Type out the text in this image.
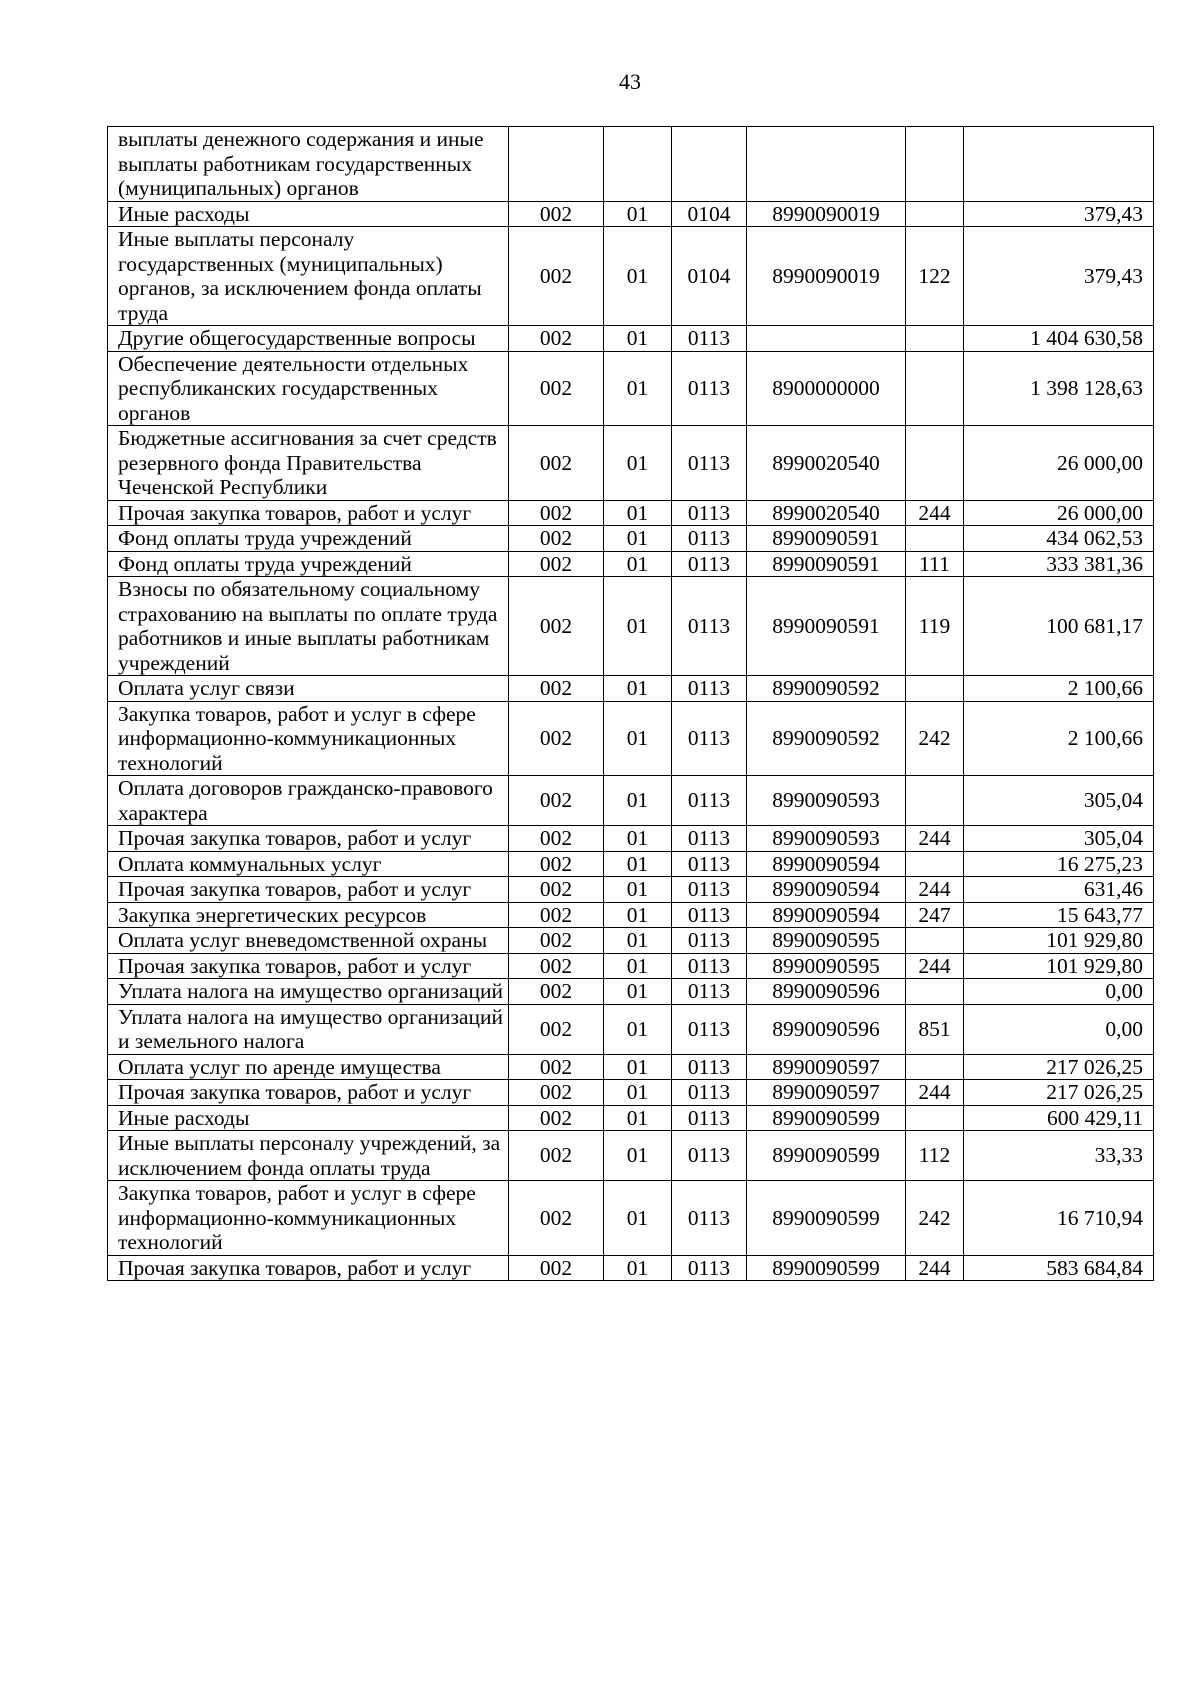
43
выплаты денежного содержания и иные выплаты работникам государственных (муниципальных) органов						
Иные расходы	002	01	0104	8990090019		379,43
Иные выплаты персоналу государственных (муниципальных) органов, за исключением фонда оплаты труда	002	01	0104	8990090019	122	379,43
Другие общегосударственные вопросы	002	01	0113			1 404 630,58
Обеспечение деятельности отдельных республиканских государственных органов	002	01	0113	8900000000		1 398 128,63
Бюджетные ассигнования за счет средств резервного фонда Правительства Чеченской Республики	002	01	0113	8990020540		26 000,00
Прочая закупка товаров, работ и услуг	002	01	0113	8990020540	244	26 000,00
Фонд оплаты труда учреждений	002	01	0113	8990090591		434 062,53
Фонд оплаты труда учреждений	002	01	0113	8990090591	111	333 381,36
Взносы по обязательному социальному страхованию на выплаты по оплате труда работников и иные выплаты работникам учреждений	002	01	0113	8990090591	119	100 681,17
Оплата услуг связи	002	01	0113	8990090592		2 100,66
Закупка товаров, работ и услуг в сфере информационно-коммуникационных технологий	002	01	0113	8990090592	242	2 100,66
Оплата договоров гражданско-правового характера	002	01	0113	8990090593		305,04
Прочая закупка товаров, работ и услуг	002	01	0113	8990090593	244	305,04
Оплата коммунальных услуг	002	01	0113	8990090594		16 275,23
Прочая закупка товаров, работ и услуг	002	01	0113	8990090594	244	631,46
Закупка энергетических ресурсов	002	01	0113	8990090594	247	15 643,77
Оплата услуг вневедомственной охраны	002	01	0113	8990090595		101 929,80
Прочая закупка товаров, работ и услуг	002	01	0113	8990090595	244	101 929,80
Уплата налога на имущество организаций	002	01	0113	8990090596		0,00
Уплата налога на имущество организаций и земельного налога	002	01	0113	8990090596	851	0,00
Оплата услуг по аренде имущества	002	01	0113	8990090597		217 026,25
Прочая закупка товаров, работ и услуг	002	01	0113	8990090597	244	217 026,25
Иные расходы	002	01	0113	8990090599		600 429,11
Иные выплаты персоналу учреждений, за исключением фонда оплаты труда	002	01	0113	8990090599	112	33,33
Закупка товаров, работ и услуг в сфере информационно-коммуникационных технологий	002	01	0113	8990090599	242	16 710,94
Прочая закупка товаров, работ и услуг	002	01	0113	8990090599	244	583 684,84
